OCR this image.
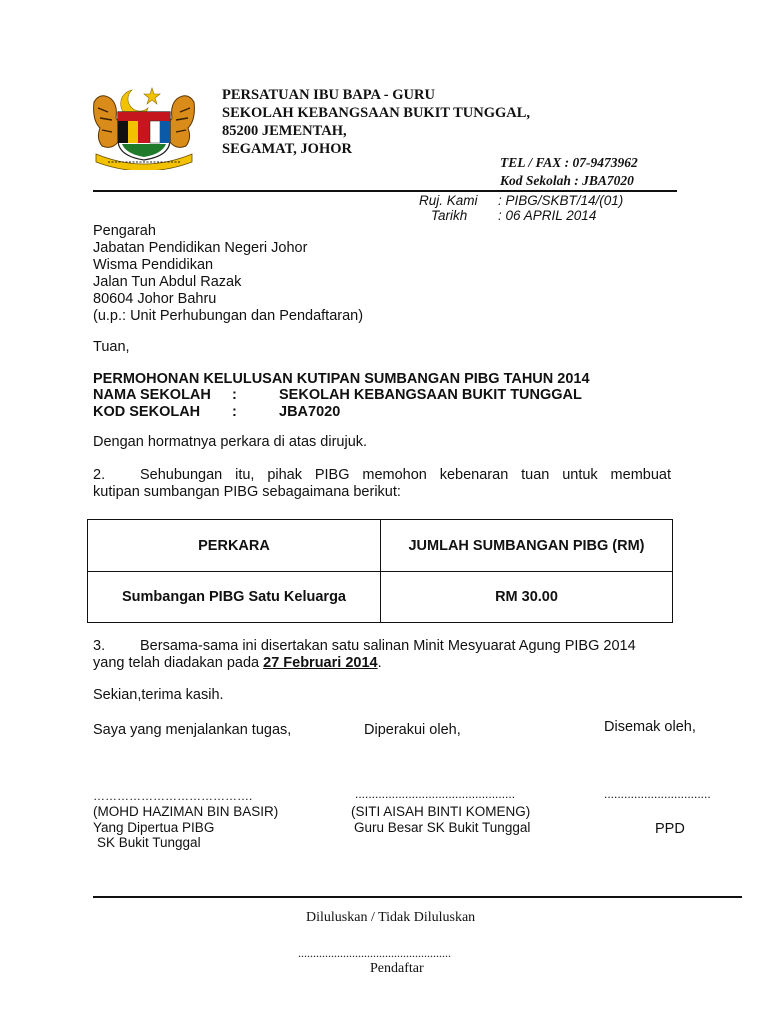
PERSATUAN IBU BAPA - GURU
SEKOLAH KEBANGSAAN BUKIT TUNGGAL,
85200 JEMENTAH,
SEGAMAT, JOHOR
TEL / FAX : 07-9473962
Kod Sekolah : JBA7020
Ruj. Kami : PIBG/SKBT/14/(01)
Tarikh : 06 APRIL 2014
Pengarah
Jabatan Pendidikan Negeri Johor
Wisma Pendidikan
Jalan Tun Abdul Razak
80604 Johor Bahru
(u.p.: Unit Perhubungan dan Pendaftaran)
Tuan,
PERMOHONAN KELULUSAN KUTIPAN SUMBANGAN PIBG TAHUN 2014
NAMA SEKOLAH :	SEKOLAH KEBANGSAAN BUKIT TUNGGAL
KOD SEKOLAH :	JBA7020
Dengan hormatnya perkara di atas dirujuk.
2. Sehubungan itu, pihak PIBG memohon kebenaran tuan untuk membuat
kutipan sumbangan PIBG sebagaimana berikut:
PERKARA	JUMLAH SUMBANGAN PIBG (RM)
Sumbangan PIBG Satu Keluarga	RM 30.00
3. Bersama-sama ini disertakan satu salinan Minit Mesyuarat Agung PIBG 2014
yang telah diadakan pada 27 Februari 2014.
Sekian,terima kasih.
Saya yang menjalankan tugas,	Diperakui oleh,	Disemak oleh,
………………………………….	................................................	................................
(MOHD HAZIMAN BIN BASIR)
Yang Dipertua PIBG
SK Bukit Tunggal
(SITI AISAH BINTI KOMENG)
Guru Besar SK Bukit Tunggal	PPD
Diluluskan / Tidak Diluluskan
...................................................
Pendaftar
